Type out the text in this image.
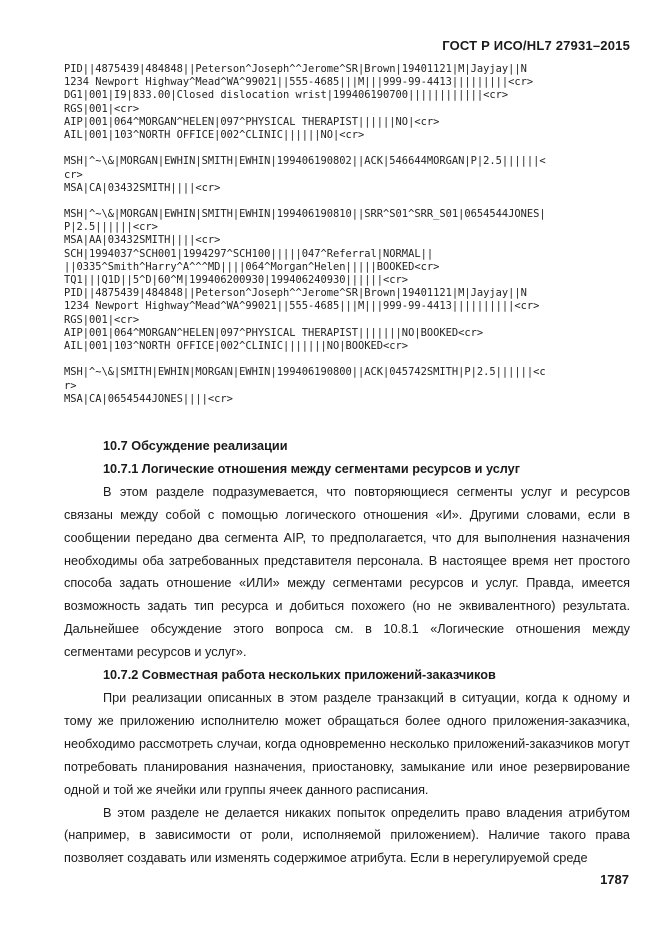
ГОСТ Р ИСО/HL7 27931–2015
PID||4875439|484848||Peterson^Joseph^^Jerome^SR|Brown|19401121|M|Jayjay||N
1234 Newport Highway^Mead^WA^99021||555-4685|||M|||999-99-4413|||||||||<cr>
DG1|001|I9|833.00|Closed dislocation wrist|199406190700||||||||||||<cr>
RGS|001|<cr>
AIP|001|064^MORGAN^HELEN|097^PHYSICAL THERAPIST||||||NO|<cr>
AIL|001|103^NORTH OFFICE|002^CLINIC||||||NO|<cr>
MSH|^~\&|MORGAN|EWHIN|SMITH|EWHIN|199406190802||ACK|546644MORGAN|P|2.5||||||<
cr>
MSA|CA|03432SMITH||||<cr>
MSH|^~\&|MORGAN|EWHIN|SMITH|EWHIN|199406190810||SRR^S01^SRR_S01|0654544JONES|
P|2.5||||||<cr>
MSA|AA|03432SMITH||||<cr>
SCH|1994037^SCH001|1994297^SCH100|||||047^Referral|NORMAL||
||0335^Smith^Harry^A^^^MD||||064^Morgan^Helen|||||BOOKED<cr>
TQ1|||Q1D||5^D|60^M|199406200930|199406240930||||||<cr>
PID||4875439|484848||Peterson^Joseph^^Jerome^SR|Brown|19401121|M|Jayjay||N
1234 Newport Highway^Mead^WA^99021||555-4685|||M|||999-99-4413||||||||||<cr>
RGS|001|<cr>
AIP|001|064^MORGAN^HELEN|097^PHYSICAL THERAPIST|||||||NO|BOOKED<cr>
AIL|001|103^NORTH OFFICE|002^CLINIC|||||||NO|BOOKED<cr>
MSH|^~\&|SMITH|EWHIN|MORGAN|EWHIN|199406190800||ACK|045742SMITH|P|2.5||||||<c
r>
MSA|CA|0654544JONES||||<cr>
10.7 Обсуждение реализации
10.7.1 Логические отношения между сегментами ресурсов и услуг
В этом разделе подразумевается, что повторяющиеся сегменты услуг и ресурсов связаны между собой с помощью логического отношения «И». Другими словами, если в сообщении передано два сегмента AIP, то предполагается, что для выполнения назначения необходимы оба затребованных представителя персонала. В настоящее время нет простого способа задать отношение «ИЛИ» между сегментами ресурсов и услуг. Правда, имеется возможность задать тип ресурса и добиться похожего (но не эквивалентного) результата. Дальнейшее обсуждение этого вопроса см. в 10.8.1 «Логические отношения между сегментами ресурсов и услуг».
10.7.2 Совместная работа нескольких приложений-заказчиков
При реализации описанных в этом разделе транзакций в ситуации, когда к одному и тому же приложению исполнителю может обращаться более одного приложения-заказчика, необходимо рассмотреть случаи, когда одновременно несколько приложений-заказчиков могут потребовать планирования назначения, приостановку, замыкание или иное резервирование одной и той же ячейки или группы ячеек данного расписания.
В этом разделе не делается никаких попыток определить право владения атрибутом (например, в зависимости от роли, исполняемой приложением). Наличие такого права позволяет создавать или изменять содержимое атрибута. Если в нерегулируемой среде
1787
